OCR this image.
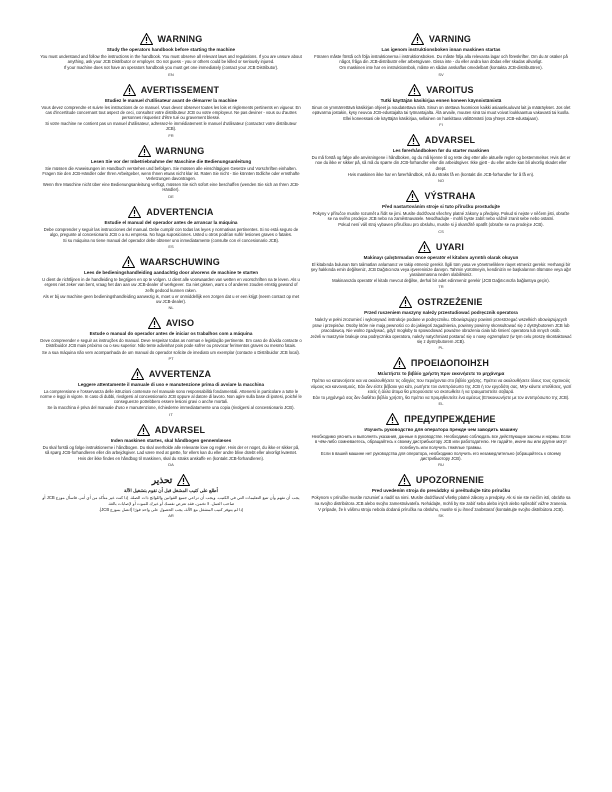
WARNING
Study the operators handbook before starting the machine
You must understand and follow the instructions in the handbook. You must observe all relevant laws and regulations. If you are unsure about anything, ask your JCB Distributor or employer. Do not guess - you or others could be killed or seriously injured.
If your machine does not have an operators handbook you must get one immediately (contact your JCB Distributor).
EN
AVERTISSEMENT
Etudiez le manuel d'utilisateur avant de démarrer la machine
Vous devez comprendre et suivre les instructions de ce manuel. Vous devez observer toutes les lois et règlements pertinents en vigueur. En cas d'incertitude concernant tout aspect de ceci, consultez votre distributeur JCB ou votre employeur. Ne pas deviner - vous ou d'autres personnes risqueriez d'être tué ou gravement blessé.
Si votre machine ne contient pas un manuel d'utilisateur, adressez-le immédiatement le manuel d'utilisateur (contactez votre distributeur JCB).
FR
WARNUNG
Lesen Sie vor der Inbetriebnahme der Maschine die Bedienungsanleitung
Sie müssen die Anweisungen im Handbuch verstehen und befolgen. Sie müssen alle einschlägigen Gesetze und Vorschriften einhalten. Fragen Sie den JCB-Händler oder Ihren Arbeitgeber, wenn Ihnen etwas nicht klar ist. Raten Sie nicht - Sie könnten tödliche oder ernsthafte Verletzungen davontragen.
Wenn Ihre Maschine nicht über eine Bedienungsanleitung verfügt, müssen Sie sich sofort eine beschaffen (wenden Sie sich an Ihren JCB-Händler).
DE
ADVERTENCIA
Estudie el manual del operador antes de arrancar la máquina
Debe comprender y seguir las instrucciones del manual. Debe cumplir con todas las leyes y normativas pertinentes. Si no está seguro de algo, pregunte al concesionario JCB o a su empresa. No haga suposiciones. Usted u otros podrían sufrir lesiones graves o fatales.
Si su máquina no tiene manual del operador debe obtener uno inmediatamente (consulte con el concesionario JCB).
ES
WAARSCHUWING
Lees de bedieningshandleiding aandachtig door alvorens de machine te starten
U dient de richtlijnen in de handleiding te begrijpen en op te volgen. U dient alle voorwaarden van wetten en voorschriften na te leven. Als u ergens niet zeker van bent, vraag het dan aan uw JCB-dealer of werkgever. Ga niet gissen, want u of anderen zouden ernstig gewond of zelfs gedood kunnen raken.
Als er bij uw machine geen bedieningshandleiding aanwezig is, moet u er onmiddellijk een zorgen dat u er een krijgt (neem contact op met uw JCB-dealer).
NL
AVISO
Estude o manual do operador antes de iniciar os trabalhos com a máquina
Deve compreender e seguir as instruções do manual. Deve respeitar todas as normas e legislação pertinente. Em caso de dúvida contacte o Distribuidor JCB mais próximo ou o seu superior. Não tente adivinhar pois pode sofrer ou provocar ferimentos graves ou mesmo fatais.
Se a sua máquina não vem acompanhada de um manual do operador solicite de imediato um exemplar (contacte o Distribuidor JCB local).
PT
AVVERTENZA
Leggere attentamente il manuale di uso e manutenzione prima di avviare la macchina
La comprensione e l'osservanza delle istruzioni contenute nel manuale sono responsabilità fondamentali. Attenersi in particolare a tutte le norme e leggi in vigore. In caso di dubbi, rivolgersi al concessionario JCB oppure al datore di lavoro. Non agire sulla base di ipotesi, poiché le conseguenze potrebbero essere lesioni gravi o anche mortali.
Se la macchina è priva del manuale d'uso e manutenzione, richiederne immediatamente una copia (rivolgersi al concessionario JCB).
IT
ADVARSEL
Inden maskinen startes, skal håndbogen gennemlæses
Du skal forstå og følge instruktionerne i håndbogen. Du skal overholde alle relevante love og regler. Hvis der er noget, du ikke er sikker på, så spørg JCB-forhandleren eller din arbejdsgiver. Lad være med at gætte, for ellers kan du eller andre blive dræbt eller alvorligt kvæstet.
Hvis der ikke findes en håndbog til maskinen, skal du straks anskaffe en (kontakt JCB-forhandleren).
DA
تحذير
أطلع على كتيب المشغل قبل أن تقوم بتشغيل الآلة
يجب أن تفهم وأن تتبع التعليمات التي في الكتيب. ويجب أن تراعي جميع القوانين واللوائح ذات الصلة. إذا كنت غير متأكد من أي أمر، فاسأل موزع JCB أو صاحب العمل. لا تخمن، فقد تعرض نفسك أو غيرك للموت أو لإصابات بالغة.
إذا لم يتوفر كتيب المشغل مع الآلة، يجب الحصول على واحد فورًا (اتصل بموزع JCB).
AR
VARNING
Las igenom instruktionsboken innan maskinen startas
Föraren måste förstå och följa instruktionerna i instruktionsboken. Du måste följa alla relevanta lagar och föreskrifter. Om du är osäker på något, fråga din JCB-distributör eller arbetsgivare. Gissa inte - du eller andra kan dödas eller skadas allvarligt.
Om maskinen inte har en instruktionsbok, måste en sådan anskaffas omedelbart (kontakta JCB-distributören).
SV
VAROITUS
Tutki käyttäjän käsikirjaa ennen koneen käynnistämistä
Sinun on ymmärrettävä käsikirjan ohjeet ja noudatettava niitä. Sinun on otettava huomioon kaikki asiaankuuluvat lait ja määräykset. Jos olet epävarma jostakin, kysy neuvoa JCB-edustajalta tai työnantajalta. Älä arvaile, muuten sinä tai muut voivat loukkaantua vakavasti tai kuolla.
Ellei koneessasi ole käyttäjän käsikirjaa, sellainen on hankittava välittömästi (ota yhteys JCB-edustajaan).
FI
ADVARSEL
Les førerhåndboken før du starter maskinen
Du må forstå og følge alle anvisningene i håndboken, og du må kjenne til og rette deg etter alle aktuelle regler og bestemmelser. Hvis det er noe du ikke er sikker på, så må du spørre din JCB-forhandler eller din arbeidsgiver. Ikke gjett - du eller andre kan bli alvorlig skadet eller drept.
Hvis maskinen ikke har en førerhåndbok, må du straks få en (kontakt din JCB-forhandler for å få en).
NO
VÝSTRAHA
Před nastartováním stroje si tuto příručku prostudujte
Pokyny v příručce musíte rozumět a řídit se jimi. Musíte dodržovat všechny platné zákony a předpisy. Pokud si nejste v něčem jisti, obraťte se na svého prodejce JCB nebo na zaměstnavatele. Neodhadujte - mohli byste zabít nebo vážně zranit sebe nebo ostatní.
Pokud není váš stroj vybaven příručkou pro obsluhu, musíte si ji okamžitě opatřit (obraťte se na prodejce JCB).
CS
UYARI
Makinayı çalıştırmadan önce operatör el kitabını ayrıntılı olarak okuyun
El kitabında bulunan tüm talimatları anlamanız ve takip etmeniz gerekir. İlgili tüm yasa ve yönetmeliklere riayet etmeniz gerekir. Herhangi bir şey hakkında emin değilseniz, JCB Dağıtıcınıza veya işvereninize danışın. Tahmin yürütmeyin, kendinizin ve başkalarının ölümüne veya ağır yaralanmasına neden olabilirsiniz.
Makinanızda operatör el kitabı mevcut değilse, derhal bir adet edinmeniz gerekir (JCB Dağıtıcınızla bağlantıya geçin).
TR
OSTRZEŻENIE
Przed ruszeniem maszyny należy przestudiować podręcznik operatora
Należy w pełni zrozumieć i wykonywać instrukcje podane w podręczniku. Obowiązujący powinni przestrzegać wszelkich obowiązujących praw i przepisów. Osoby które nie mają pewności co do jakiegoś zagadnienia, powinny powinny skonsultować się z dystrybutorem JCB lub pracodawcą. Nie wolno zgadywać, gdyż mogłoby to spowodować poważne obrażenia ciała lub śmierć operatora lub innych osób.
Jeżeli w maszynie brakuje ona podręcznika operatora, należy natychmiast postarać się o nowy egzemplarz (w tym celu proszę skontaktować się z dystrybutorem JCB).
PL
ΠΡΟΕΙΔΟΠΟΙΗΣΗ
Μελετήστε το βιβλίο χρήστη πριν εκκινήσετε το μηχάνημα
Πρέπει να κατανοήσετε και να ακολουθήσετε τις οδηγίες που περιέχονται στο βιβλίο χρήσης. Πρέπει να ακολουθήσετε όλους τους σχετικούς νόμους και κανονισμούς. Εάν δεν είστε βέβαιοι για κάτι, ρωτήστε τον αντιπρόσωπο της JCB ή τον εργοδότη σας. Μην κάνετε υποθέσεις, γιατί εσείς ή άλλα άτομα θα μπορούσατε να σκοτωθείτε ή να τραυματιστείτε σοβαρά.
Εάν το μηχάνημά σας δεν διαθέτει βιβλίο χρήστη, θα πρέπει να προμηθευτείτε ένα αμέσως (Επικοινωνήστε με τον αντιπρόσωπο της JCB).
EL
ПРЕДУПРЕЖДЕНИЕ
Изучить руководство для оператора прежде чем заводить машину
Необходимо уяснить и выполнять указания, данные в руководстве. Необходимо соблюдать все действующие законы и нормы. Если в чём-либо сомневаетесь, обращайтесь к своему дистрибьютору JCB или работодателю. Не гадайте, иначе вы или другие могут погибнуть или получить тяжёлые травмы.
Если в вашей машине нет руководства для оператора, необходимо получить его незамедлительно (обращайтесь к своему дистрибьютору JCB).
RU
UPOZORNENIE
Pred uvedením stroja do prevádzky si preštudujte túto príručku
Pokynom v príručke musíte rozumieť a riadiť sa nimi. Musíte dodržiavať všetky platné zákony a predpisy. Ak si nie ste niečím istí, obráťte sa na svojho distribútora JCB alebo svojho zamestnávateľa. Nehádajte, mohli by ste zabiť seba alebo iných alebo spôsobiť vážne zranenia.
V prípade, že k vášmu stroju nebola dodaná príručka na obsluhu, musíte si ju ihneď zaobstarať (kontaktujte svojho distribútora JCB).
SK
